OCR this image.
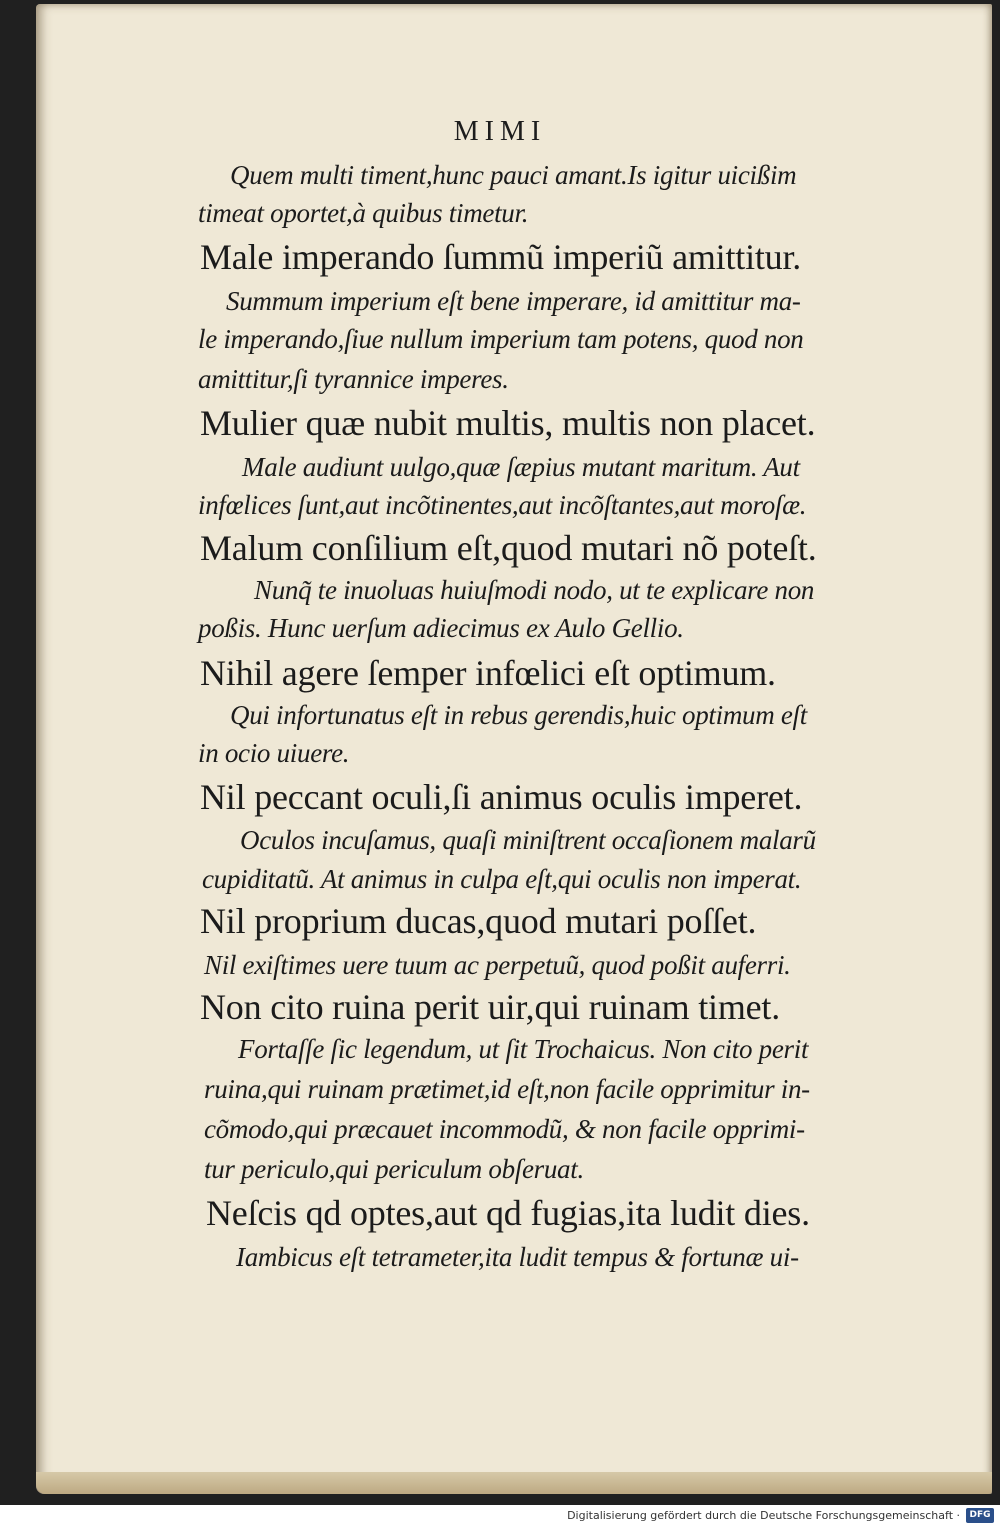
MIMI
Quem multi timent,hunc pauci amant.Is igitur uicißim
timeat oportet,à quibus timetur.
Male imperando ſummũ imperiũ amittitur.
Summum imperium eſt bene imperare, id amittitur ma-
le imperando,ſiue nullum imperium tam potens, quod non
amittitur,ſi tyrannice imperes.
Mulier quæ nubit multis, multis non placet.
Male audiunt uulgo,quæ ſæpius mutant maritum. Aut
infœlices ſunt,aut incõtinentes,aut incõſtantes,aut moroſæ.
Malum conſilium eſt,quod mutari nõ poteſt.
Nunq̃ te inuoluas huiuſmodi nodo, ut te explicare non
poßis. Hunc uerſum adiecimus ex Aulo Gellio.
Nihil agere ſemper infœlici eſt optimum.
Qui infortunatus eſt in rebus gerendis,huic optimum eſt
in ocio uiuere.
Nil peccant oculi,ſi animus oculis imperet.
Oculos incuſamus, quaſi miniſtrent occaſionem malarũ
cupiditatũ. At animus in culpa eſt,qui oculis non imperat.
Nil proprium ducas,quod mutari poſſet.
Nil exiſtimes uere tuum ac perpetuũ, quod poßit auferri.
Non cito ruina perit uir,qui ruinam timet.
Fortaſſe ſic legendum, ut ſit Trochaicus. Non cito perit
ruina,qui ruinam prætimet,id eſt,non facile opprimitur in-
cõmodo,qui præcauet incommodũ, & non facile opprimi-
tur periculo,qui periculum obſeruat.
Neſcis qd optes,aut qd fugias,ita ludit dies.
Iambicus eſt tetrameter,ita ludit tempus & fortunæ ui-
Digitalisierung gefördert durch die Deutsche Forschungsgemeinschaft ·	DFG
